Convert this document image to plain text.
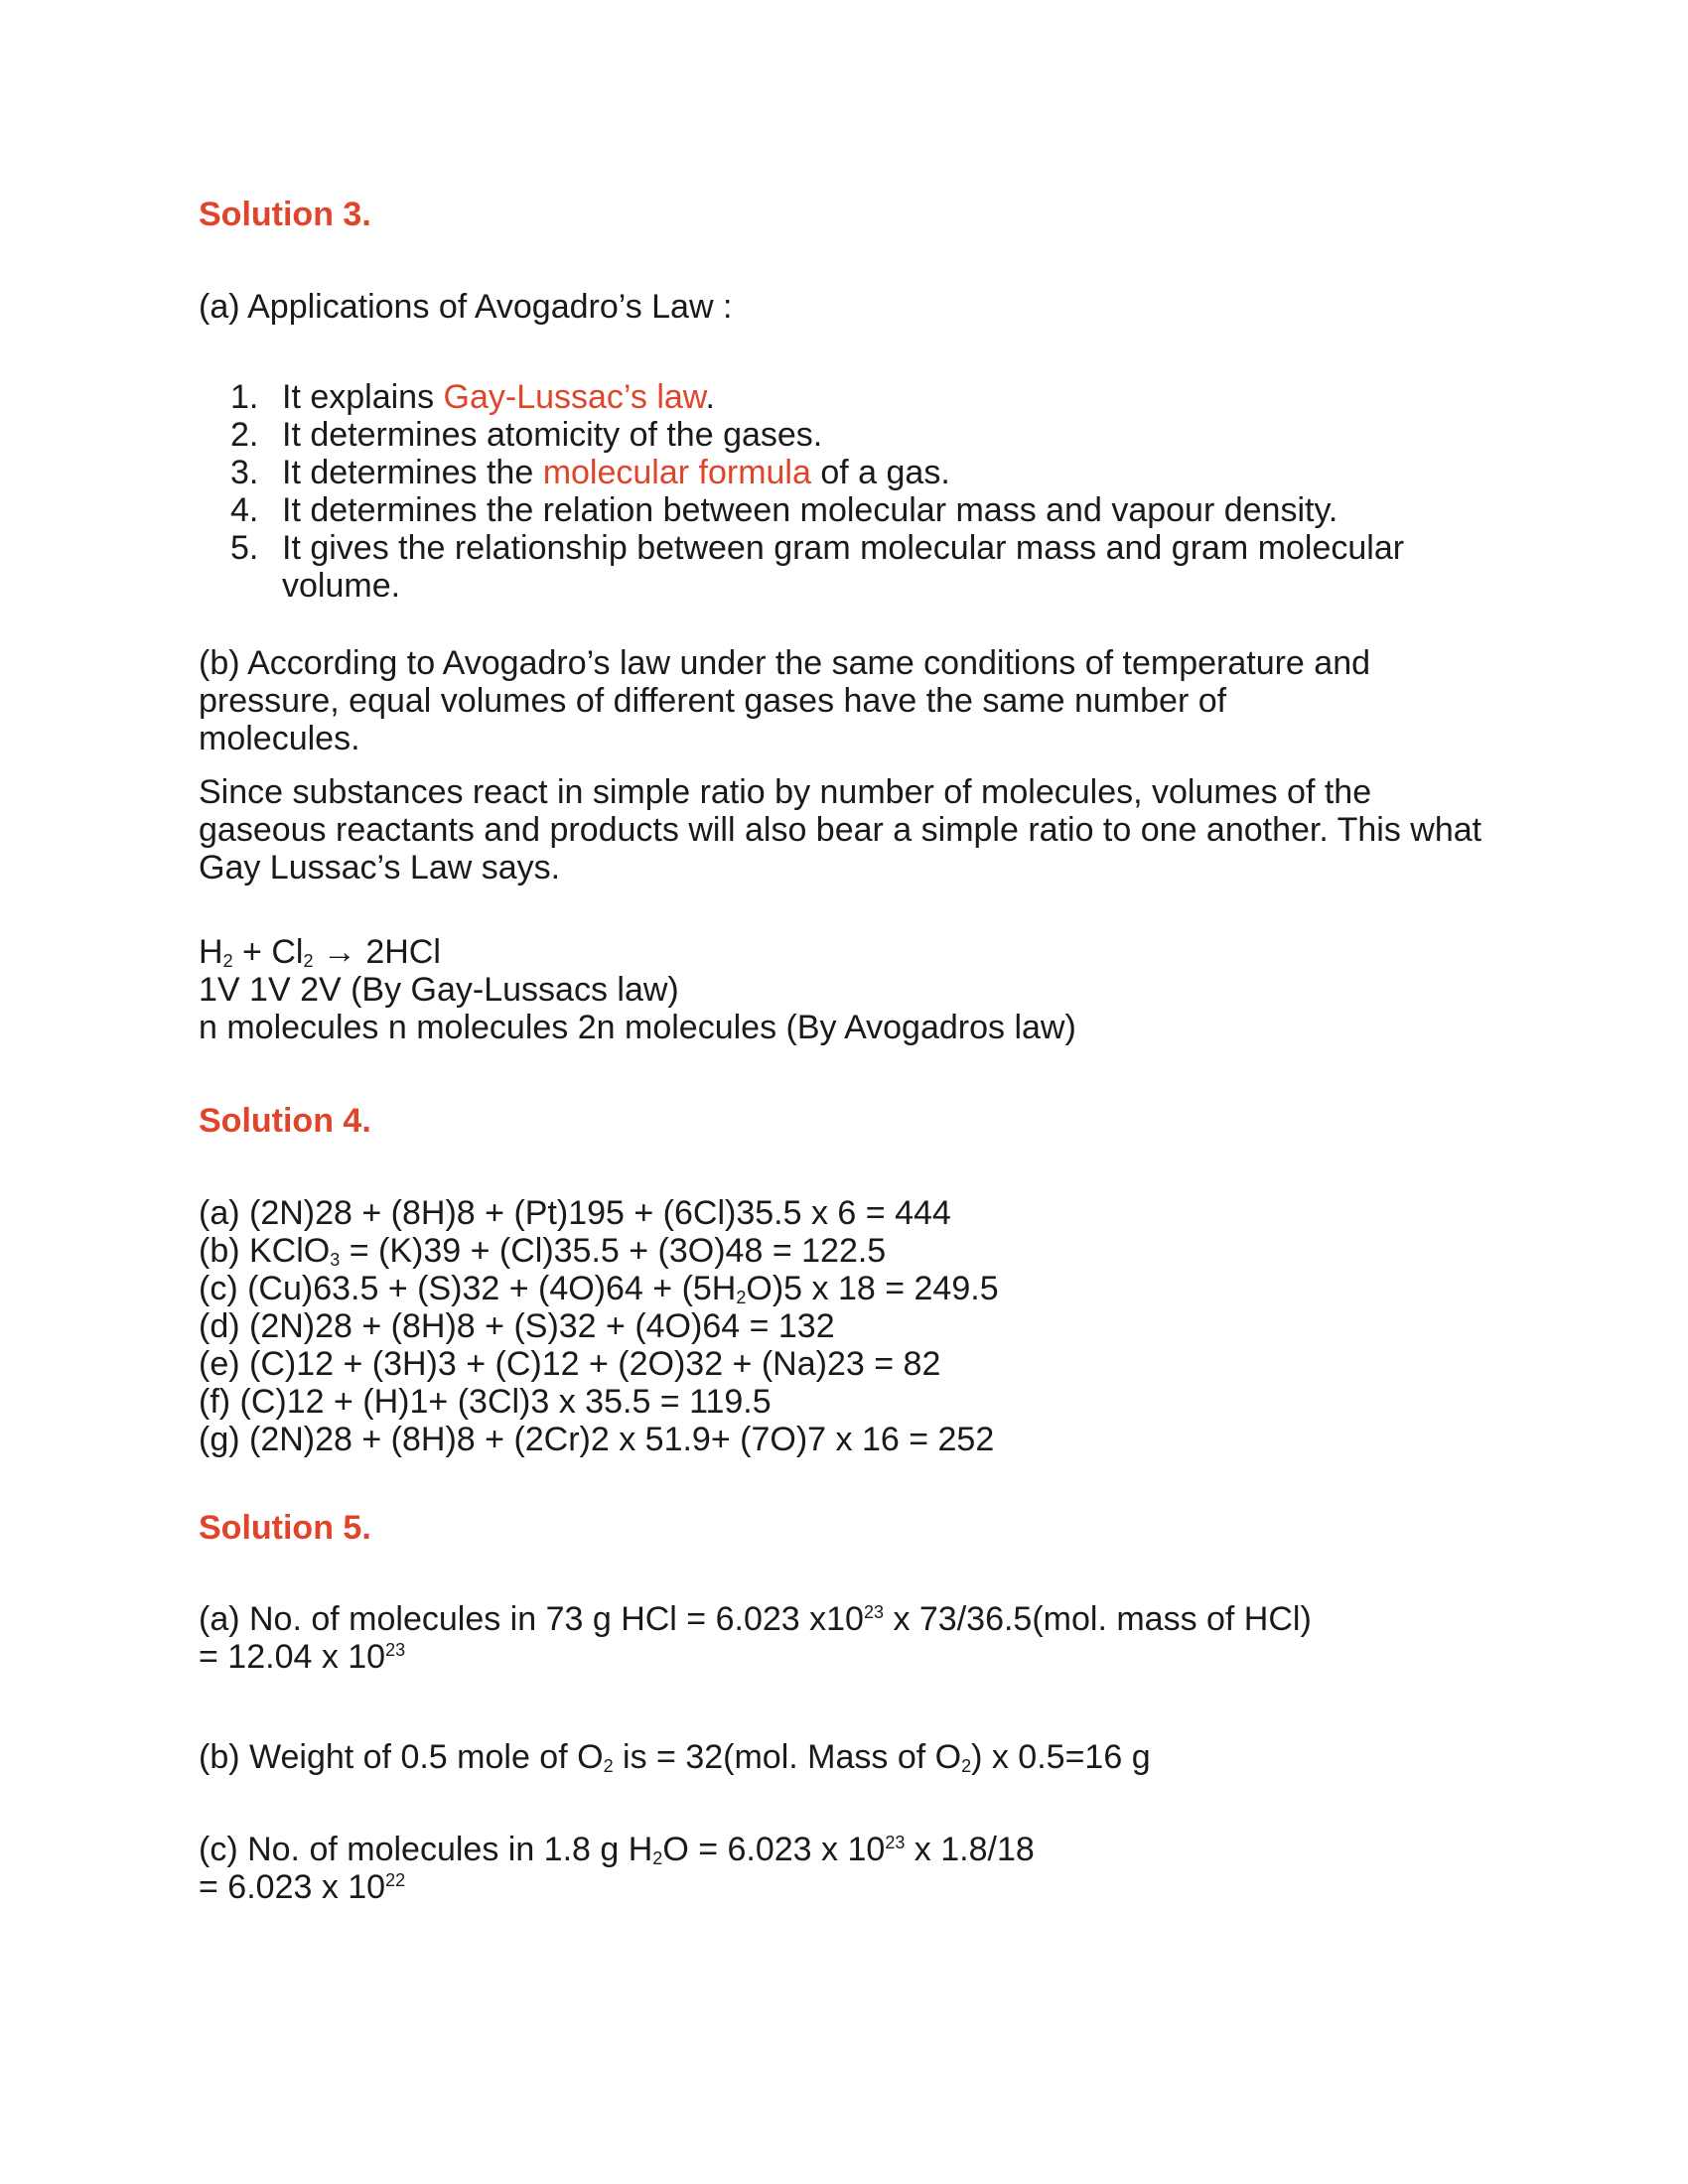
Solution 3.

(a) Applications of Avogadro’s Law :

1. It explains Gay-Lussac’s law.
2. It determines atomicity of the gases.
3. It determines the molecular formula of a gas.
4. It determines the relation between molecular mass and vapour density.
5. It gives the relationship between gram molecular mass and gram molecular volume.

(b) According to Avogadro’s law under the same conditions of temperature and pressure, equal volumes of different gases have the same number of molecules.

Since substances react in simple ratio by number of molecules, volumes of the gaseous reactants and products will also bear a simple ratio to one another. This what Gay Lussac’s Law says.

$H_2 + Cl_2 \to 2HCl$

1V 1V 2V (By Gay-Lussacs law)

n molecules n molecules 2n molecules (By Avogadros law)

Solution 4.

(a) (2N)28 + (8H)8 + (Pt)195 + (6Cl)35.5 x 6 = 444

(b) KClO$_3$ = (K)39 + (Cl)35.5 + (3O)48 = 122.5

(c) $(Cu)63.5 + (S)32 + (4O)64 + (5H_2O)5$ x 18 = 249.5

(d) (2N)28 + (8H)8 + (S)32 + (4O)64 = 132

(e) (C)12 + (3H)3 + (C)12 + (2O)32 + (Na)23 = 82

(f) (C)12 + (H)1+ (3Cl)3 x 35.5 = 119.5

(g) (2N)28 + (8H)8 + (2Cr)2 x 51.9+ (7O)7 x 16 = 252

Solution 5.

(a) No. of molecules in 73 g HCl = 6.023 $x10^{23}$ x 73/36.5(mol. mass of HCl)

= 12.04 x $10^{23}$

(b) Weight of 0.5 mole of $O_2$ is = 32(mol. Mass of $O_2$) x 0.5=16 g

(c) No. of molecules in 1.8 g $H_2O = 6.023$ x $10^{23}$ x 1.8/18

= 6.023 x $10^{22}$
